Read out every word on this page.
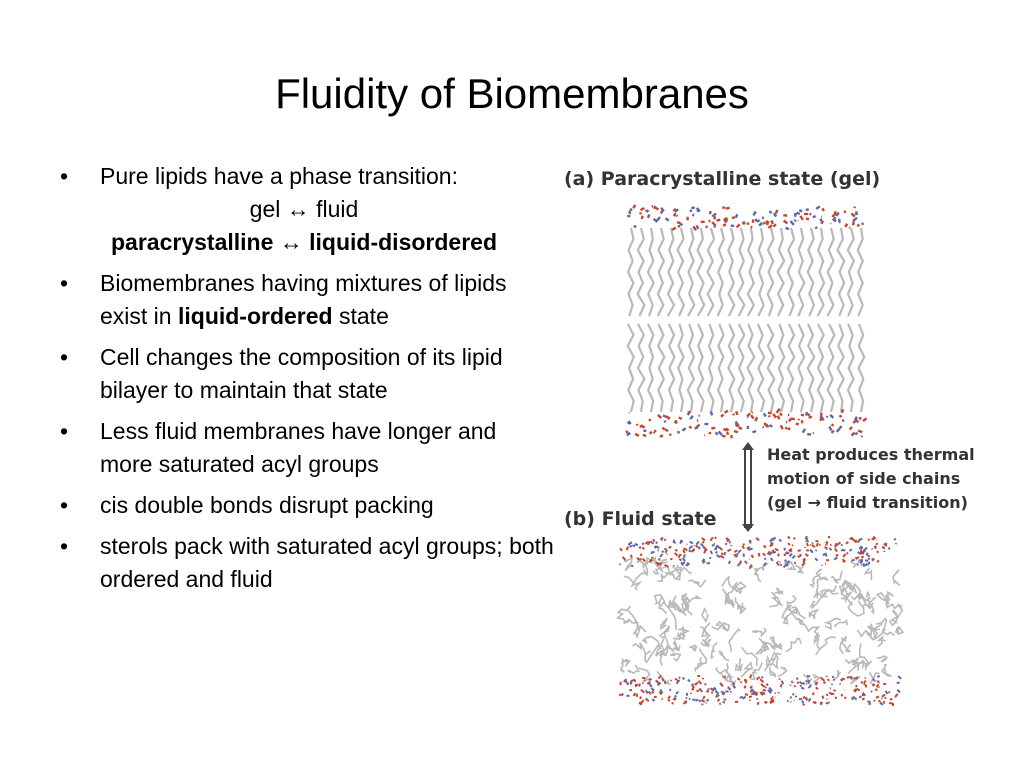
Fluidity of Biomembranes
• Pure lipids have a phase transition:
gel ↔ fluid
paracrystalline ↔ liquid-disordered
• Biomembranes having mixtures of lipids exist in liquid-ordered state
• Cell changes the composition of its lipid bilayer to maintain that state
• Less fluid membranes have longer and more saturated acyl groups
• cis double bonds disrupt packing
• sterols pack with saturated acyl groups; both ordered and fluid
(a) Paracrystalline state (gel)
Heat produces thermal
motion of side chains
(gel → fluid transition)
(b) Fluid state
